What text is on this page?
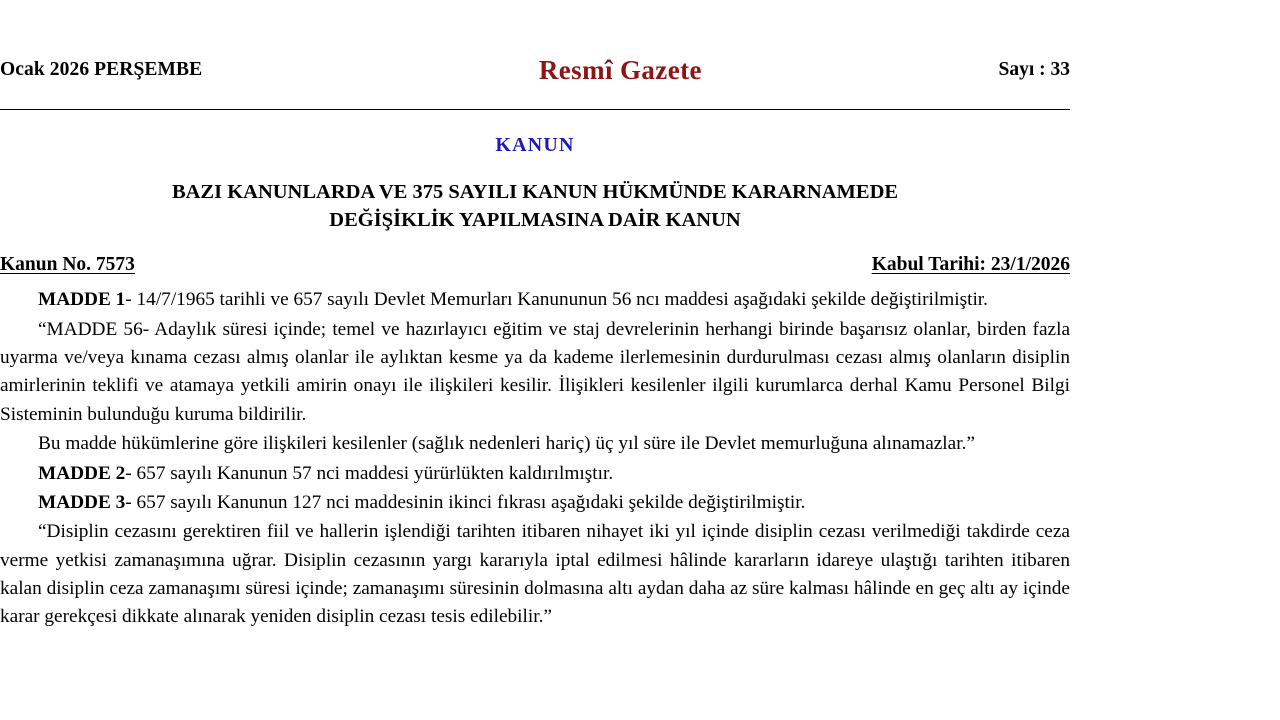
Ocak 2026 PERŞEMBE	Resmî Gazete	Sayı : 33
KANUN
BAZI KANUNLARDA VE 375 SAYILI KANUN HÜKMÜNDE KARARNAMEDE
DEĞİŞİKLİK YAPILMASINA DAİR KANUN
Kanun No. 7573	Kabul Tarihi: 23/1/2026

MADDE 1- 14/7/1965 tarihli ve 657 sayılı Devlet Memurları Kanununun 56 ncı maddesi aşağıdaki şekilde değiştirilmiştir.

“MADDE 56- Adaylık süresi içinde; temel ve hazırlayıcı eğitim ve staj devrelerinin herhangi birinde başarısız olanlar, birden fazla uyarma ve/veya kınama cezası almış olanlar ile aylıktan kesme ya da kademe ilerlemesinin durdurulması cezası almış olanların disiplin amirlerinin teklifi ve atamaya yetkili amirin onayı ile ilişkileri kesilir. İlişikleri kesilenler ilgili kurumlarca derhal Kamu Personel Bilgi Sisteminin bulunduğu kuruma bildirilir.

Bu madde hükümlerine göre ilişkileri kesilenler (sağlık nedenleri hariç) üç yıl süre ile Devlet memurluğuna alınamazlar.”

MADDE 2- 657 sayılı Kanunun 57 nci maddesi yürürlükten kaldırılmıştır.

MADDE 3- 657 sayılı Kanunun 127 nci maddesinin ikinci fıkrası aşağıdaki şekilde değiştirilmiştir.

“Disiplin cezasını gerektiren fiil ve hallerin işlendiği tarihten itibaren nihayet iki yıl içinde disiplin cezası verilmediği takdirde ceza verme yetkisi zamanaşımına uğrar. Disiplin cezasının yargı kararıyla iptal edilmesi hâlinde kararların idareye ulaştığı tarihten itibaren kalan disiplin ceza zamanaşımı süresi içinde; zamanaşımı süresinin dolmasına altı aydan daha az süre kalması hâlinde en geç altı ay içinde karar gerekçesi dikkate alınarak yeniden disiplin cezası tesis edilebilir.”
